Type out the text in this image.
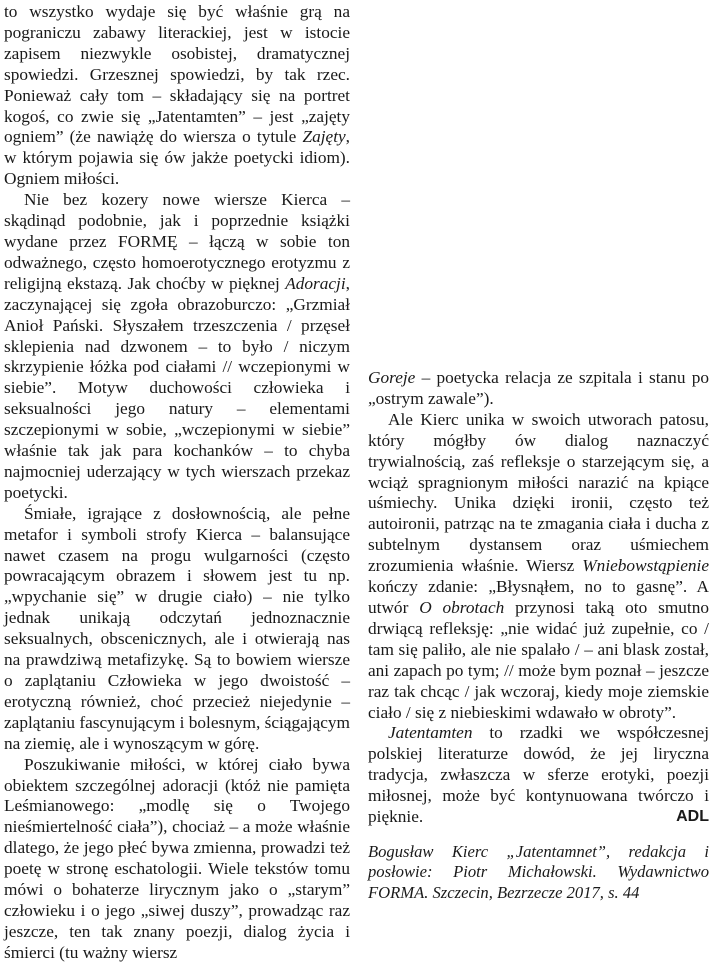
to wszystko wydaje się być właśnie grą na pograniczu zabawy literackiej, jest w istocie zapisem niezwykle osobistej, dramatycznej spowiedzi. Grzesznej spowiedzi, by tak rzec. Ponieważ cały tom – składający się na portret kogoś, co zwie się „Jatentamten” – jest „zajęty ogniem” (że nawiążę do wiersza o tytule Zajęty, w którym pojawia się ów jakże poetycki idiom). Ogniem miłości.

Nie bez kozery nowe wiersze Kierca – skądinąd podobnie, jak i poprzednie książki wydane przez FORMĘ – łączą w sobie ton odważnego, często homoerotycznego erotyzmu z religijną ekstazą. Jak choćby w pięknej Adoracji, zaczynającej się zgoła obrazoburczo: „Grzmiał Anioł Pański. Słyszałem trzeszczenia / przęseł sklepienia nad dzwonem – to było / niczym skrzypienie łóżka pod ciałami // wczepionymi w siebie”. Motyw duchowości człowieka i seksualności jego natury – elementami szczepionymi w sobie, „wczepionymi w siebie” właśnie tak jak para kochanków – to chyba najmocniej uderzający w tych wierszach przekaz poetycki.

Śmiałe, igrające z dosłownością, ale pełne metafor i symboli strofy Kierca – balansujące nawet czasem na progu wulgarności (często powracającym obrazem i słowem jest tu np. „wpychanie się” w drugie ciało) – nie tylko jednak unikają odczytań jednoznacznie seksualnych, obscenicznych, ale i otwierają nas na prawdziwą metafizykę. Są to bowiem wiersze o zaplątaniu Człowieka w jego dwoistość – erotyczną również, choć przecież niejedynie – zaplątaniu fascynującym i bolesnym, ściągającym na ziemię, ale i wynoszącym w górę.

Poszukiwanie miłości, w której ciało bywa obiektem szczególnej adoracji (któż nie pamięta Leśmianowego: „modlę się o Twojego nieśmiertelność ciała”), chociaż – a może właśnie dlatego, że jego płeć bywa zmienna, prowadzi też poetę w stronę eschatologii. Wiele tekstów tomu mówi o bohaterze lirycznym jako o „starym” człowieku i o jego „siwej duszy”, prowadząc raz jeszcze, ten tak znany poezji, dialog życia i śmierci (tu ważny wiersz

Goreje – poetycka relacja ze szpitala i stanu po „ostrym zawale”).

Ale Kierc unika w swoich utworach patosu, który mógłby ów dialog naznaczyć trywialnością, zaś refleksje o starzejącym się, a wciąż spragnionym miłości narazić na kpiące uśmiechy. Unika dzięki ironii, często też autoironii, patrząc na te zmagania ciała i ducha z subtelnym dystansem oraz uśmiechem zrozumienia właśnie. Wiersz Wniebowstąpienie kończy zdanie: „Błysnąłem, no to gasnę”. A utwór O obrotach przynosi taką oto smutno drwiącą refleksję: „nie widać już zupełnie, co / tam się paliło, ale nie spalało / – ani blask został, ani zapach po tym; // może bym poznał – jeszcze raz tak chcąc / jak wczoraj, kiedy moje ziemskie ciało / się z niebieskimi wdawało w obroty”.

Jatentamten to rzadki we współczesnej polskiej literaturze dowód, że jej liryczna tradycja, zwłaszcza w sferze erotyki, poezji miłosnej, może być kontynuowana twórczo i pięknie.	ADL
Bogusław Kierc „Jatentamnet”, redakcja i posłowie: Piotr Michałowski. Wydawnictwo FORMA. Szczecin, Bezrzecze 2017, s. 44
